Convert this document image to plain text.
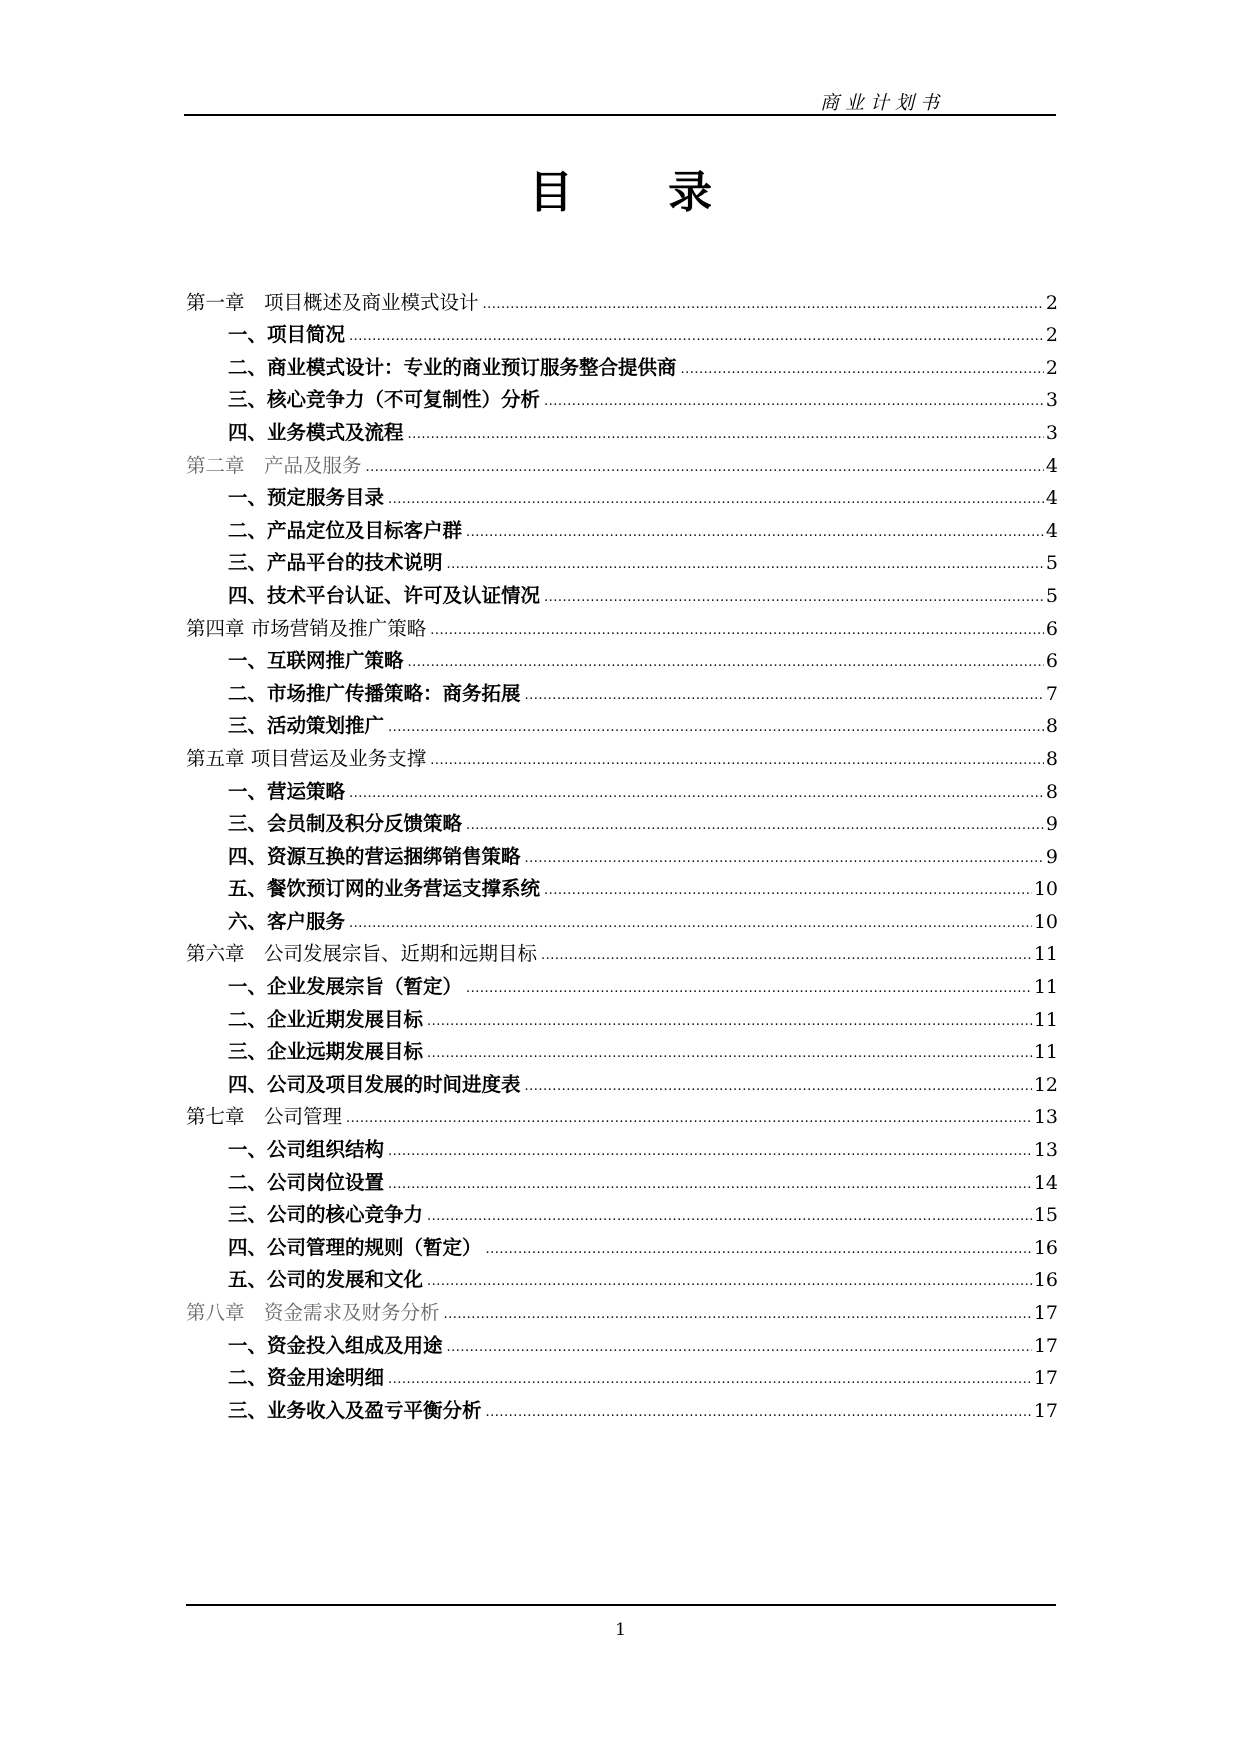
商业计划书
目 录
第一章　项目概述及商业模式设计 .....	2
一、项目简况 .....	2
二、商业模式设计：专业的商业预订服务整合提供商 .....	2
三、核心竞争力（不可复制性）分析 .....	3
四、业务模式及流程 .....	3
第二章　产品及服务 .....	4
一、预定服务目录 .....	4
二、产品定位及目标客户群 .....	4
三、产品平台的技术说明 .....	5
四、技术平台认证、许可及认证情况 .....	5
第四章 市场营销及推广策略 .....	6
一、互联网推广策略 .....	6
二、市场推广传播策略：商务拓展 .....	7
三、活动策划推广 .....	8
第五章 项目营运及业务支撑 .....	8
一、营运策略 .....	8
三、会员制及积分反馈策略 .....	9
四、资源互换的营运捆绑销售策略 .....	9
五、餐饮预订网的业务营运支撑系统 .....	10
六、客户服务 .....	10
第六章　公司发展宗旨、近期和远期目标 .....	11
一、企业发展宗旨（暂定） .....	11
二、企业近期发展目标 .....	11
三、企业远期发展目标 .....	11
四、公司及项目发展的时间进度表 .....	12
第七章　公司管理 .....	13
一、公司组织结构 .....	13
二、公司岗位设置 .....	14
三、公司的核心竞争力 .....	15
四、公司管理的规则（暂定） .....	16
五、公司的发展和文化 .....	16
第八章　资金需求及财务分析 .....	17
一、资金投入组成及用途 .....	17
二、资金用途明细 .....	17
三、业务收入及盈亏平衡分析 .....	17
1
